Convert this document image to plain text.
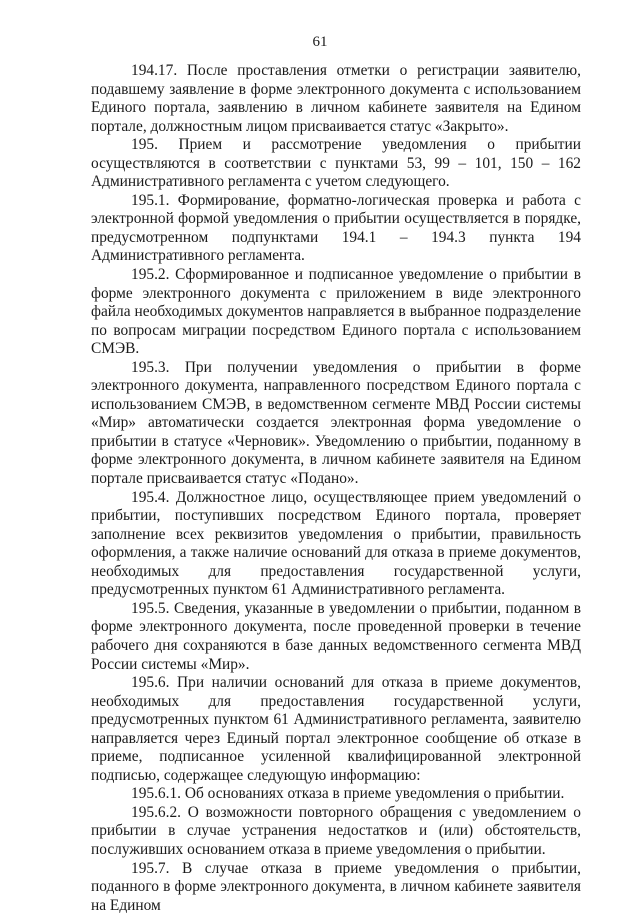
61

194.17. После проставления отметки о регистрации заявителю, подавшему заявление в форме электронного документа с использованием Единого портала, заявлению в личном кабинете заявителя на Едином портале, должностным лицом присваивается статус «Закрыто».

195. Прием и рассмотрение уведомления о прибытии осуществляются в соответствии с пунктами 53, 99 – 101, 150 – 162 Административного регламента с учетом следующего.

195.1. Формирование, форматно-логическая проверка и работа с электронной формой уведомления о прибытии осуществляется в порядке, предусмотренном подпунктами 194.1 – 194.3 пункта 194 Административного регламента.

195.2. Сформированное и подписанное уведомление о прибытии в форме электронного документа с приложением в виде электронного файла необходимых документов направляется в выбранное подразделение по вопросам миграции посредством Единого портала с использованием СМЭВ.

195.3. При получении уведомления о прибытии в форме электронного документа, направленного посредством Единого портала с использованием СМЭВ, в ведомственном сегменте МВД России системы «Мир» автоматически создается электронная форма уведомление о прибытии в статусе «Черновик». Уведомлению о прибытии, поданному в форме электронного документа, в личном кабинете заявителя на Едином портале присваивается статус «Подано».

195.4. Должностное лицо, осуществляющее прием уведомлений о прибытии, поступивших посредством Единого портала, проверяет заполнение всех реквизитов уведомления о прибытии, правильность оформления, а также наличие оснований для отказа в приеме документов, необходимых для предоставления государственной услуги, предусмотренных пунктом 61 Административного регламента.

195.5. Сведения, указанные в уведомлении о прибытии, поданном в форме электронного документа, после проведенной проверки в течение рабочего дня сохраняются в базе данных ведомственного сегмента МВД России системы «Мир».

195.6. При наличии оснований для отказа в приеме документов, необходимых для предоставления государственной услуги, предусмотренных пунктом 61 Административного регламента, заявителю направляется через Единый портал электронное сообщение об отказе в приеме, подписанное усиленной квалифицированной электронной подписью, содержащее следующую информацию:

195.6.1. Об основаниях отказа в приеме уведомления о прибытии.

195.6.2. О возможности повторного обращения с уведомлением о прибытии в случае устранения недостатков и (или) обстоятельств, послуживших основанием отказа в приеме уведомления о прибытии.

195.7. В случае отказа в приеме уведомления о прибытии, поданного в форме электронного документа, в личном кабинете заявителя на Едином
